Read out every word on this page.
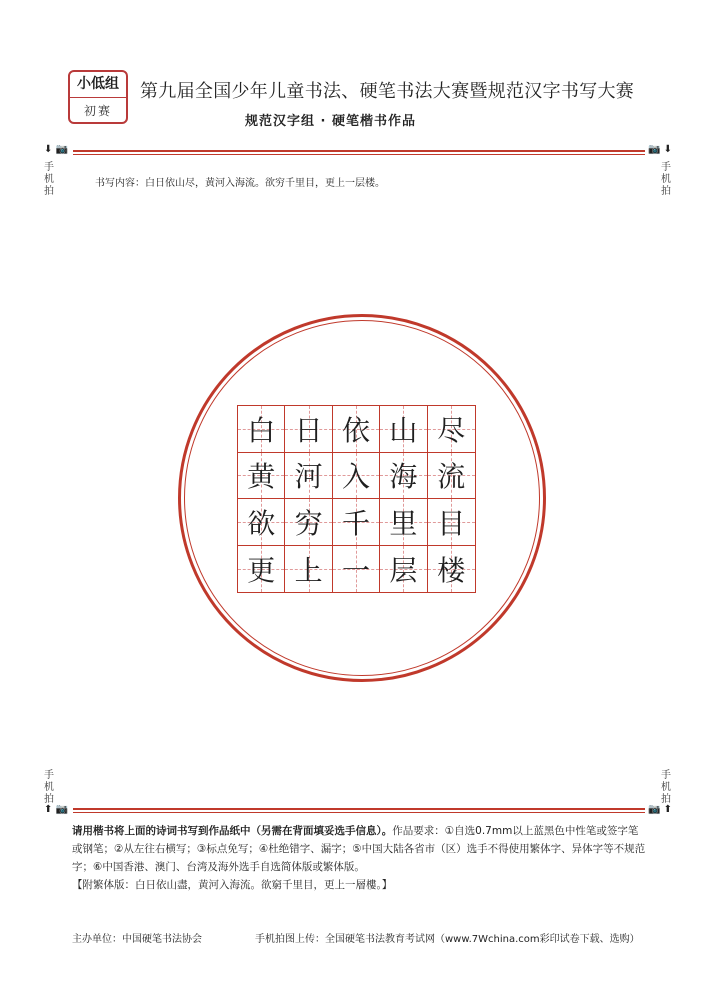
小低组
初赛
第九届全国少年儿童书法、硬笔书法大赛暨规范汉字书写大赛
规范汉字组 · 硬笔楷书作品
⬇ 📷	📷 ⬇
手机拍
手机拍
书写内容：白日依山尽，黄河入海流。欲穷千里目，更上一层楼。
白 日 依 山 尽
黄 河 入 海 流
欲 穷 千 里 目
更 上 一 层 楼
手机拍
手机拍
⬆ 📷	📷 ⬆
请用楷书将上面的诗词书写到作品纸中（另需在背面填妥选手信息）。作品要求：①自选0.7mm以上蓝黑色中性笔或签字笔或钢笔；②从左往右横写；③标点免写；④杜绝错字、漏字；⑤中国大陆各省市（区）选手不得使用繁体字、异体字等不规范字；⑥中国香港、澳门、台湾及海外选手自选简体版或繁体版。
【附繁体版：白日依山盡，黄河入海流。欲窮千里目，更上一層樓。】
主办单位：中国硬笔书法协会	手机拍图上传：全国硬笔书法教育考试网（www.7Wchina.com彩印试卷下载、选购）
